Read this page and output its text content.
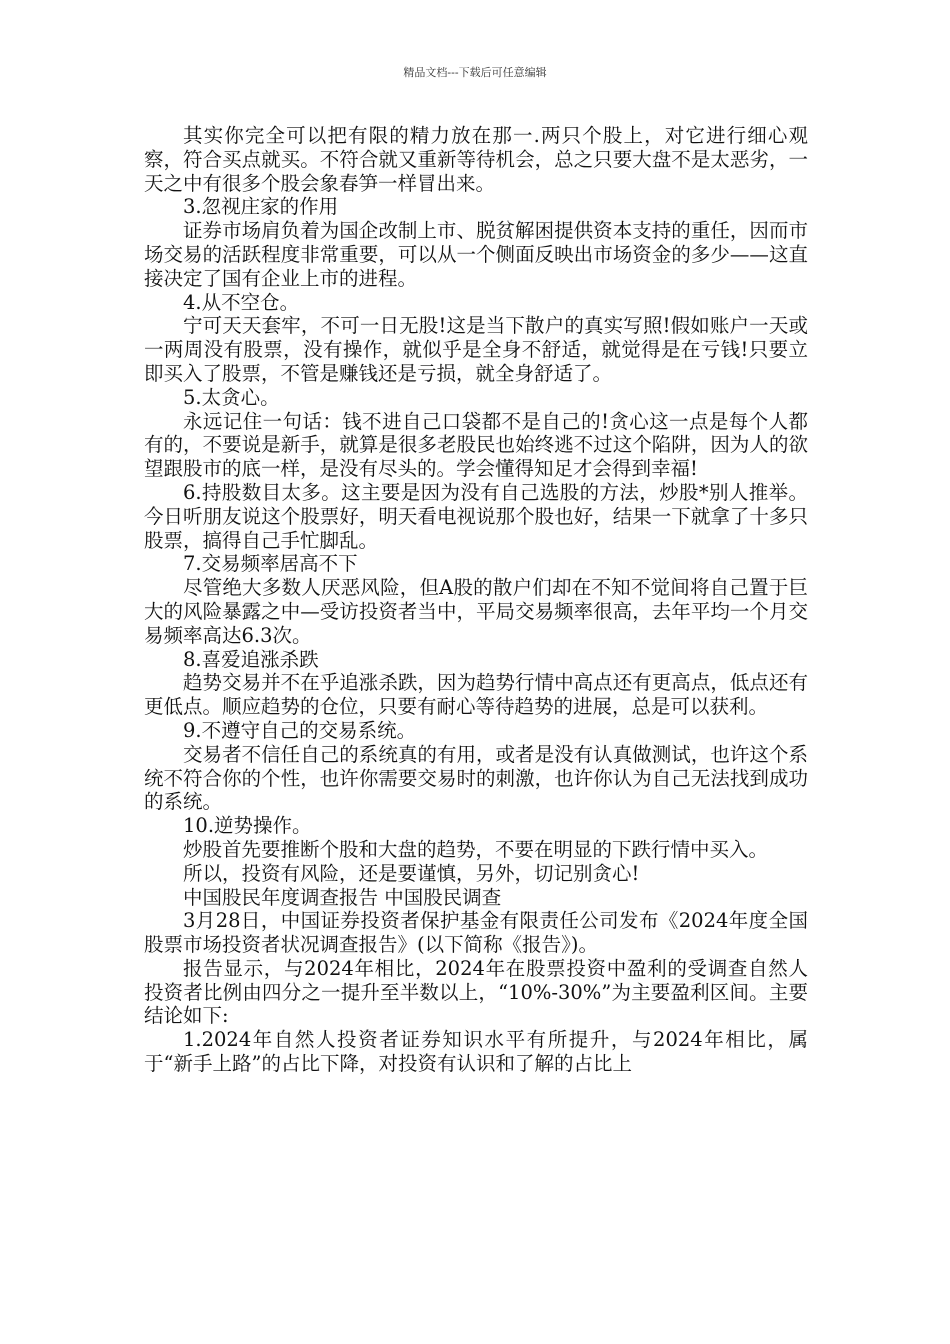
精品文档---下载后可任意编辑

其实你完全可以把有限的精力放在那一.两只个股上，对它进行细心观察，符合买点就买。不符合就又重新等待机会，总之只要大盘不是太恶劣，一天之中有很多个股会象春笋一样冒出来。

3.忽视庄家的作用

证券市场肩负着为国企改制上市、脱贫解困提供资本支持的重任，因而市场交易的活跃程度非常重要，可以从一个侧面反映出市场资金的多少——这直接决定了国有企业上市的进程。

4.从不空仓。

宁可天天套牢，不可一日无股!这是当下散户的真实写照!假如账户一天或一两周没有股票，没有操作，就似乎是全身不舒适，就觉得是在亏钱!只要立即买入了股票，不管是赚钱还是亏损，就全身舒适了。

5.太贪心。

永远记住一句话：钱不进自己口袋都不是自己的!贪心这一点是每个人都有的，不要说是新手，就算是很多老股民也始终逃不过这个陷阱，因为人的欲望跟股市的底一样，是没有尽头的。学会懂得知足才会得到幸福!

6.持股数目太多。这主要是因为没有自己选股的方法，炒股*别人推举。今日听朋友说这个股票好，明天看电视说那个股也好，结果一下就拿了十多只股票，搞得自己手忙脚乱。

7.交易频率居高不下

尽管绝大多数人厌恶风险，但A股的散户们却在不知不觉间将自己置于巨大的风险暴露之中—受访投资者当中，平局交易频率很高，去年平均一个月交易频率高达6.3次。

8.喜爱追涨杀跌

趋势交易并不在乎追涨杀跌，因为趋势行情中高点还有更高点，低点还有更低点。顺应趋势的仓位，只要有耐心等待趋势的进展，总是可以获利。

9.不遵守自己的交易系统。

交易者不信任自己的系统真的有用，或者是没有认真做测试，也许这个系统不符合你的个性，也许你需要交易时的刺激，也许你认为自己无法找到成功的系统。

10.逆势操作。

炒股首先要推断个股和大盘的趋势，不要在明显的下跌行情中买入。

所以，投资有风险，还是要谨慎，另外，切记别贪心!

中国股民年度调查报告 中国股民调查

3月28日，中国证券投资者保护基金有限责任公司发布《2024年度全国股票市场投资者状况调查报告》(以下简称《报告》)。

报告显示，与2024年相比，2024年在股票投资中盈利的受调查自然人投资者比例由四分之一提升至半数以上，“10%-30%”为主要盈利区间。主要结论如下:

1.2024年自然人投资者证券知识水平有所提升，与2024年相比，属于“新手上路”的占比下降，对投资有认识和了解的占比上
